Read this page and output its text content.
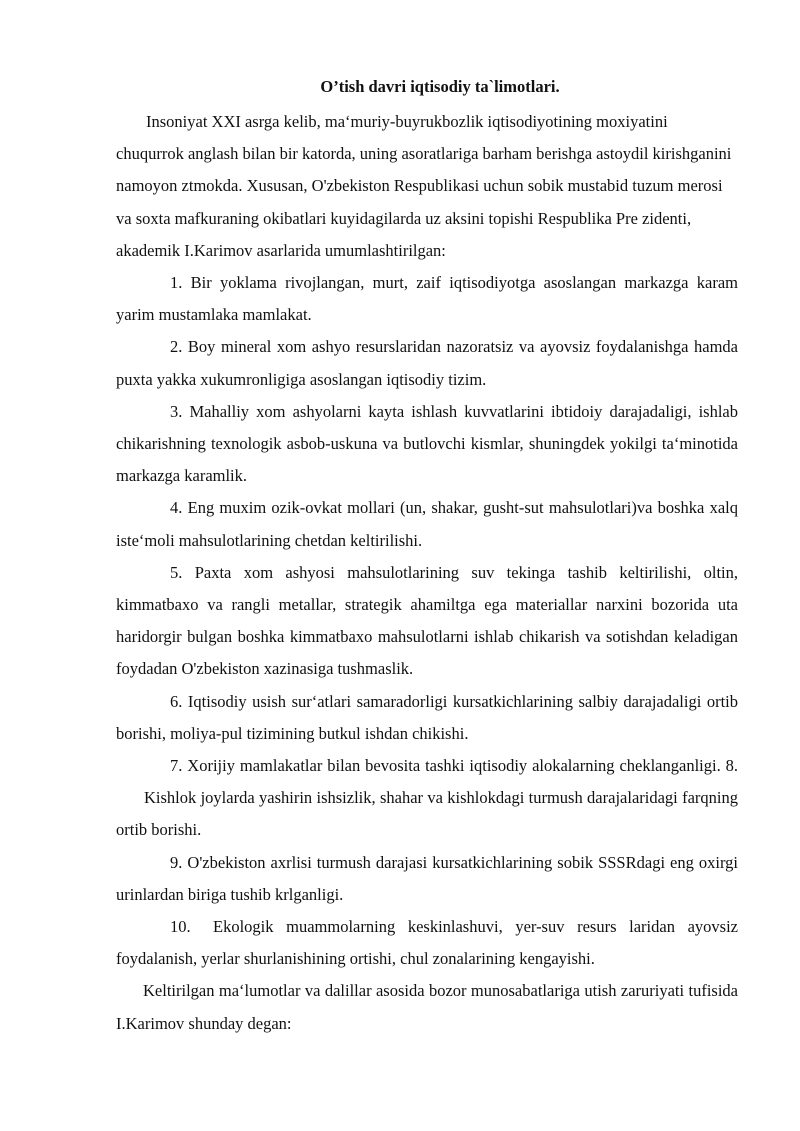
O’tish davri iqtisodiy ta`limotlari.

Insoniyat XXI asrga kelib, ma‘muriy-buyrukbozlik iqtisodiyotining moxiyatini chuqurrok anglash bilan bir katorda, uning asoratlariga barham berishga astoydil kirishganini namoyon ztmokda. Xususan, O'zbekiston Respublikasi uchun sobik mustabid tuzum merosi va soxta mafkuraning okibatlari kuyidagilarda uz aksini topishi Respublika Pre zidenti, akademik I.Karimov asarlarida umumlashtirilgan:

1. Bir yoklama rivojlangan, murt, zaif iqtisodiyotga asoslangan markazga karam yarim mustamlaka mamlakat.

2. Boy mineral xom ashyo resurslaridan nazoratsiz va ayovsiz foydalanishga hamda puxta yakka xukumronligiga asoslangan iqtisodiy tizim.

3. Mahalliy xom ashyolarni kayta ishlash kuvvatlarini ibtidoiy darajadaligi, ishlab chikarishning texnologik asbob-uskuna va butlovchi kismlar, shuningdek yokilgi ta‘minotida markazga karamlik.

4. Eng muxim ozik-ovkat mollari (un, shakar, gusht-sut mahsulotlari)va boshka xalq iste‘moli mahsulotlarining chetdan keltirilishi.

5. Paxta xom ashyosi mahsulotlarining suv tekinga tashib keltirilishi, oltin, kimmatbaxo va rangli metallar, strategik ahamiltga ega materiallar narxini bozorida uta haridorgir bulgan boshka kimmatbaxo mahsulotlarni ishlab chikarish va sotishdan keladigan foydadan O'zbekiston xazinasiga tushmaslik.

6. Iqtisodiy usish sur‘atlari samaradorligi kursatkichlarining salbiy darajadaligi ortib borishi, moliya-pul tizimining butkul ishdan chikishi.

7. Xorijiy mamlakatlar bilan bevosita tashki iqtisodiy alokalarning cheklanganligi. 8.Kishlok joylarda yashirin ishsizlik, shahar va kishlokdagi turmush darajalaridagi farqning ortib borishi.

9. O'zbekiston axrlisi turmush darajasi kursatkichlarining sobik SSSRdagi eng oxirgi urinlardan biriga tushib krlganligi.

10. Ekologik muammolarning keskinlashuvi, yer-suv resurs laridan ayovsiz foydalanish, yerlar shurlanishining ortishi, chul zonalarining kengayishi.

Keltirilgan ma‘lumotlar va dalillar asosida bozor munosabatlariga utish zaruriyati tufisida I.Karimov shunday degan:
